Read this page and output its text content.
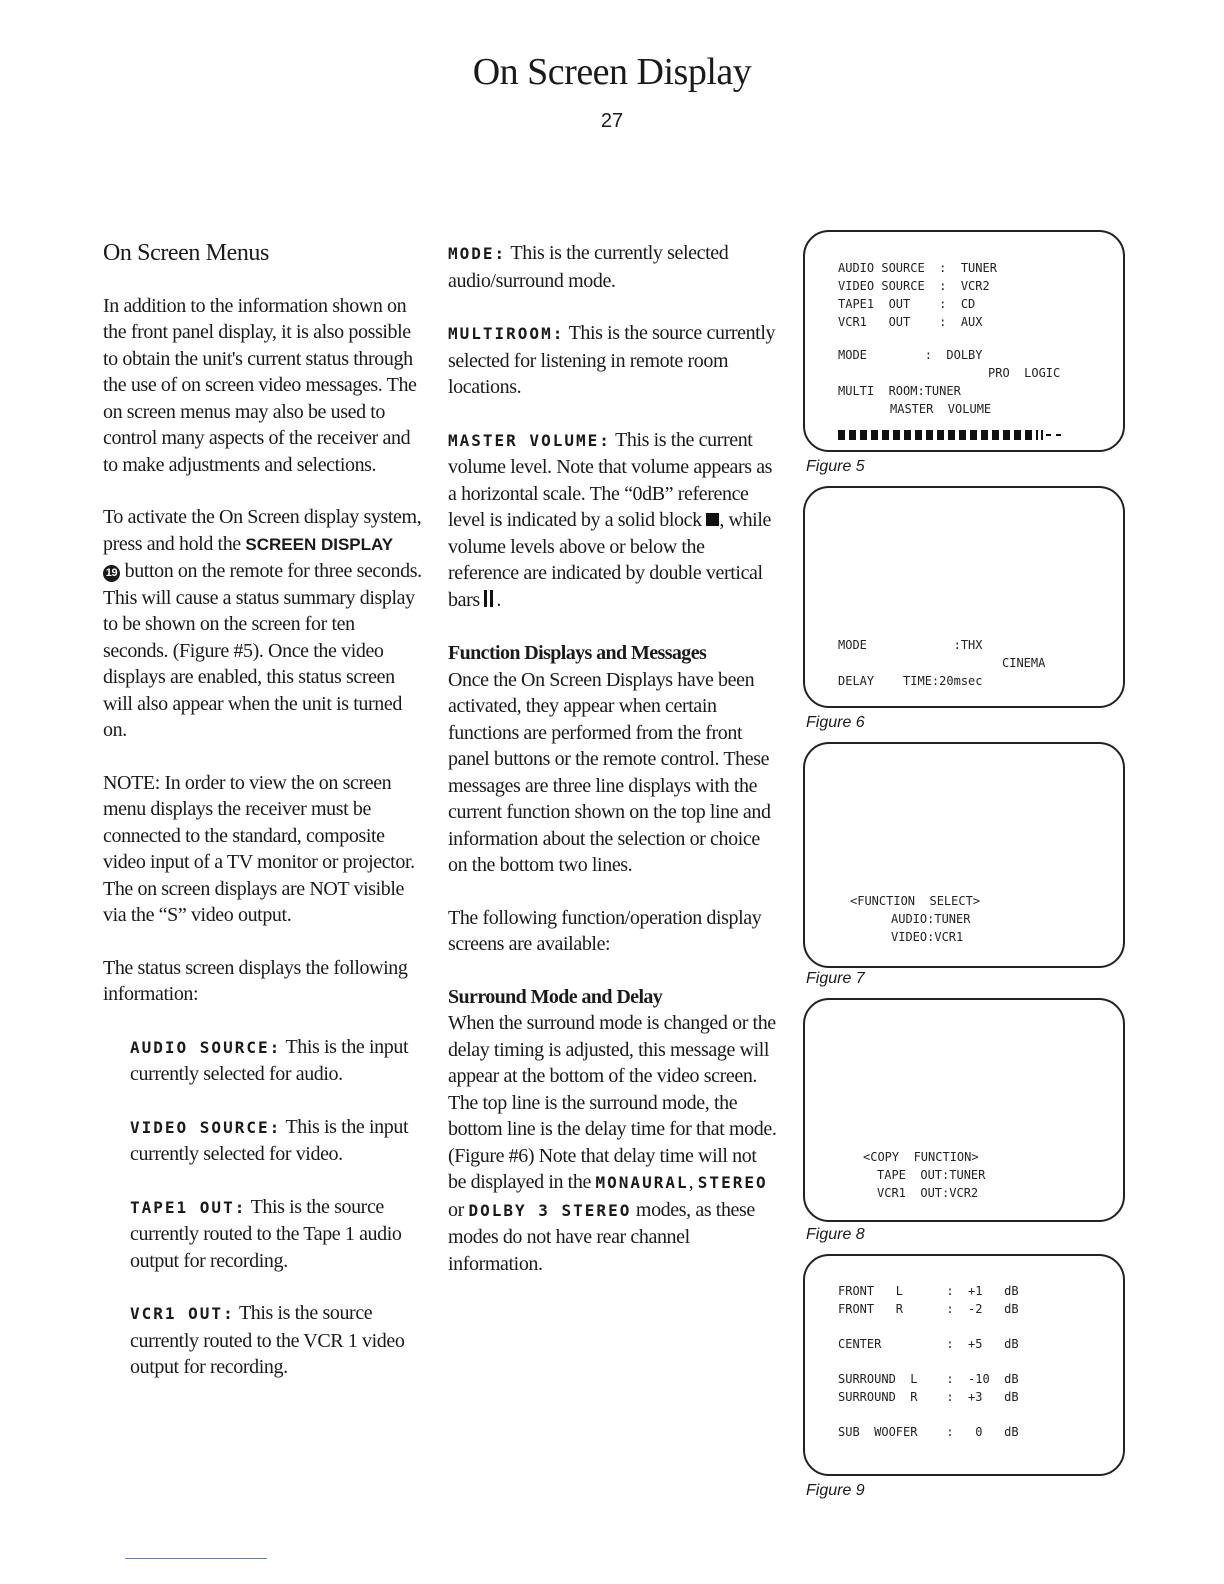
On Screen Display
27
On Screen Menus

In addition to the information shown on the front panel display, it is also possible to obtain the unit's current status through the use of on screen video messages. The on screen menus may also be used to control many aspects of the receiver and to make adjustments and selections.

To activate the On Screen display system, press and hold the SCREEN DISPLAY
19 button on the remote for three seconds. This will cause a status summary display to be shown on the screen for ten seconds. (Figure #5). Once the video displays are enabled, this status screen will also appear when the unit is turned on.

NOTE: In order to view the on screen menu displays the receiver must be connected to the standard, composite video input of a TV monitor or projector. The on screen displays are NOT visible via the “S” video output.

The status screen displays the following information:

AUDIO SOURCE: This is the input currently selected for audio.

VIDEO SOURCE: This is the input currently selected for video.

TAPE1 OUT: This is the source currently routed to the Tape 1 audio output for recording.

VCR1 OUT: This is the source currently routed to the VCR 1 video output for recording.

MODE: This is the currently selected audio/surround mode.

MULTIROOM: This is the source currently selected for listening in remote room locations.

MASTER VOLUME: This is the current volume level. Note that volume appears as a horizontal scale. The “0dB” reference level is indicated by a solid block , while volume levels above or below the reference are indicated by double vertical bars .

Function Displays and Messages

Once the On Screen Displays have been activated, they appear when certain functions are performed from the front panel buttons or the remote control. These messages are three line displays with the current function shown on the top line and information about the selection or choice on the bottom two lines.

The following function/operation display screens are available:

Surround Mode and Delay

When the surround mode is changed or the delay timing is adjusted, this message will appear at the bottom of the video screen. The top line is the surround mode, the bottom line is the delay time for that mode. (Figure #6) Note that delay time will not be displayed in the MONAURAL, STEREO or DOLBY 3 STEREO modes, as these modes do not have rear channel information.

AUDIO SOURCE  :  TUNER
VIDEO SOURCE  :  VCR2
TAPE1  OUT    :  CD
VCR1   OUT    :  AUX
MODE        :  DOLBY
PRO  LOGIC
MULTI  ROOM:TUNER
MASTER  VOLUME
Figure 5
MODE            :THX
CINEMA
DELAY    TIME:20msec
Figure 6
<FUNCTION  SELECT>
AUDIO:TUNER
VIDEO:VCR1
Figure 7
<COPY  FUNCTION>
TAPE  OUT:TUNER
VCR1  OUT:VCR2
Figure 8
FRONT   L      :  +1   dB
FRONT   R      :  -2   dB
CENTER         :  +5   dB
SURROUND  L    :  -10  dB
SURROUND  R    :  +3   dB
SUB  WOOFER    :   0   dB
Figure 9
